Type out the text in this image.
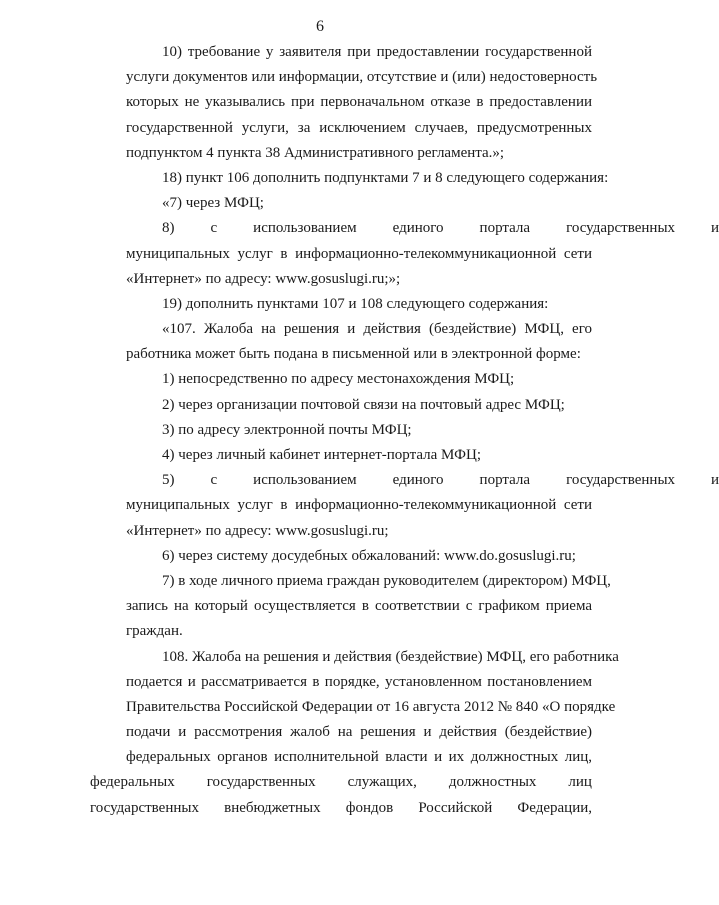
6
10) требование у заявителя при предоставлении государственной
услуги документов или информации, отсутствие и (или) недостоверность
которых не указывались при первоначальном отказе в предоставлении
государственной услуги, за исключением случаев, предусмотренных
подпунктом 4 пункта 38 Административного регламента.»;
18) пункт 106 дополнить подпунктами 7 и 8 следующего содержания:
«7) через МФЦ;
8)	с	использованием	единого	портала	государственных	и
муниципальных услуг в информационно-телекоммуникационной сети
«Интернет» по адресу: www.gosuslugi.ru;»;
19) дополнить пунктами 107 и 108 следующего содержания:
«107. Жалоба на решения и действия (бездействие) МФЦ, его
работника может быть подана в письменной или в электронной форме:
1) непосредственно по адресу местонахождения МФЦ;
2) через организации почтовой связи на почтовый адрес МФЦ;
3) по адресу электронной почты МФЦ;
4) через личный кабинет интернет-портала МФЦ;
5)	с	использованием	единого	портала	государственных	и
муниципальных услуг в информационно-телекоммуникационной сети
«Интернет» по адресу: www.gosuslugi.ru;
6) через систему досудебных обжалований: www.do.gosuslugi.ru;
7) в ходе личного приема граждан руководителем (директором) МФЦ,
запись на который осуществляется в соответствии с графиком приема
граждан.
108. Жалоба на решения и действия (бездействие) МФЦ, его работника
подается и рассматривается в порядке, установленном постановлением
Правительства Российской Федерации от 16 августа 2012 № 840 «О порядке
подачи и рассмотрения жалоб на решения и действия (бездействие)
федеральных органов исполнительной власти и их должностных лиц,
федеральных государственных служащих, должностных лиц
государственных внебюджетных фондов Российской Федерации,
